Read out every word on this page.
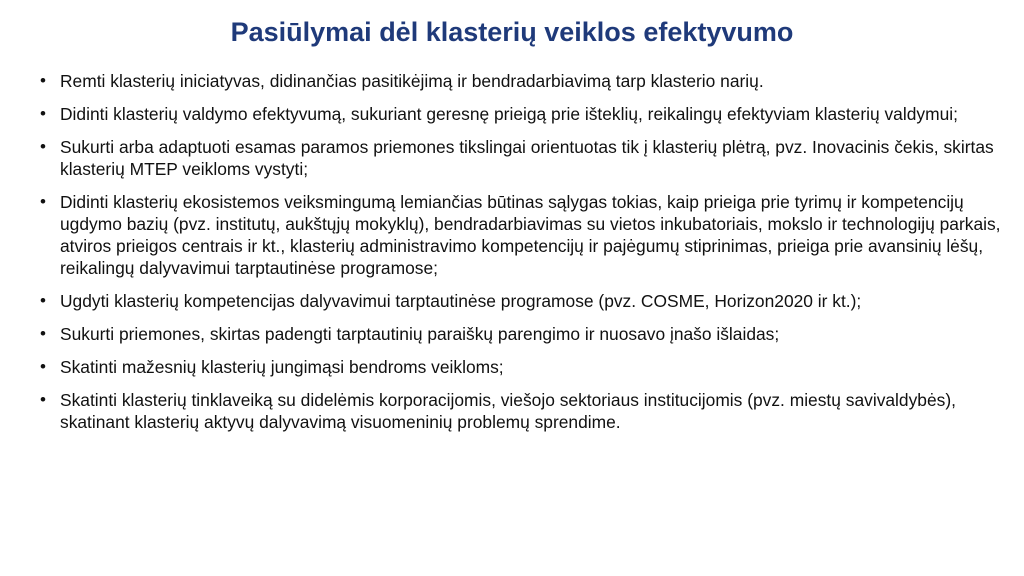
Pasiūlymai dėl klasterių veiklos efektyvumo
• Remti klasterių iniciatyvas, didinančias pasitikėjimą ir bendradarbiavimą tarp klasterio narių.
• Didinti klasterių valdymo efektyvumą, sukuriant geresnę prieigą prie išteklių, reikalingų efektyviam klasterių valdymui;
• Sukurti arba adaptuoti esamas paramos priemones tikslingai orientuotas tik į klasterių plėtrą, pvz. Inovacinis čekis, skirtas klasterių MTEP veikloms vystyti;
• Didinti klasterių ekosistemos veiksmingumą lemiančias būtinas sąlygas tokias, kaip prieiga prie tyrimų ir kompetencijų ugdymo bazių (pvz. institutų, aukštųjų mokyklų), bendradarbiavimas su vietos inkubatoriais, mokslo ir technologijų parkais, atviros prieigos centrais ir kt., klasterių administravimo kompetencijų ir pajėgumų stiprinimas, prieiga prie avansinių lėšų, reikalingų dalyvavimui tarptautinėse programose;
• Ugdyti klasterių kompetencijas dalyvavimui tarptautinėse programose (pvz. COSME, Horizon2020 ir kt.);
• Sukurti priemones, skirtas padengti tarptautinių paraiškų parengimo ir nuosavo įnašo išlaidas;
• Skatinti mažesnių klasterių jungimąsi bendroms veikloms;
• Skatinti klasterių tinklaveiką su didelėmis korporacijomis, viešojo sektoriaus institucijomis (pvz. miestų savivaldybės), skatinant klasterių aktyvų dalyvavimą visuomeninių problemų sprendime.
